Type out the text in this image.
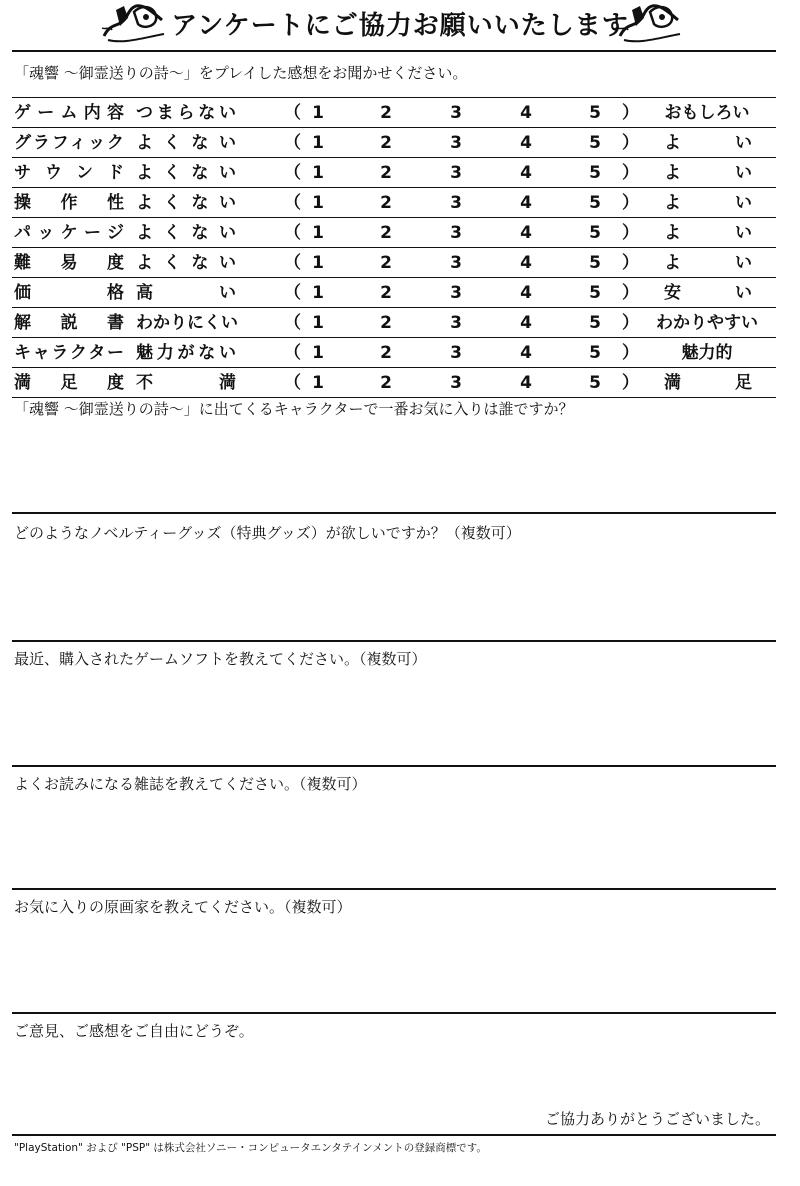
アンケートにご協力お願いいたします
「魂響 ～御霊送りの詩～」をプレイした感想をお聞かせください。
ゲーム内容 つまらない	（ 1	2	3	4	5 ）	おもしろい
グラフィック よくない	（ 1	2	3	4	5 ） よい
サウンド よくない	（ 1	2	3	4	5 ） よい
操作性 よくない	（ 1	2	3	4	5 ） よい
パッケージ よくない	（ 1	2	3	4	5 ） よい
難易度 よくない	（ 1	2	3	4	5 ） よい
価格 高い	（ 1	2	3	4	5 ） 安い
解説書 わかりにくい	（ 1	2	3	4	5 ） わかりやすい
キャラクター 魅力がない	（ 1	2	3	4	5 ）	魅力的
満足度 不満	（ 1	2	3	4	5 ） 満足
「魂響 ～御霊送りの詩～」に出てくるキャラクターで一番お気に入りは誰ですか？
どのようなノベルティーグッズ（特典グッズ）が欲しいですか？（複数可）
最近、購入されたゲームソフトを教えてください。（複数可）
よくお読みになる雑誌を教えてください。（複数可）
お気に入りの原画家を教えてください。（複数可）
ご意見、ご感想をご自由にどうぞ。
ご協力ありがとうございました。
"PlayStation" および "PSP" は株式会社ソニー・コンピュータエンタテインメントの登録商標です。
